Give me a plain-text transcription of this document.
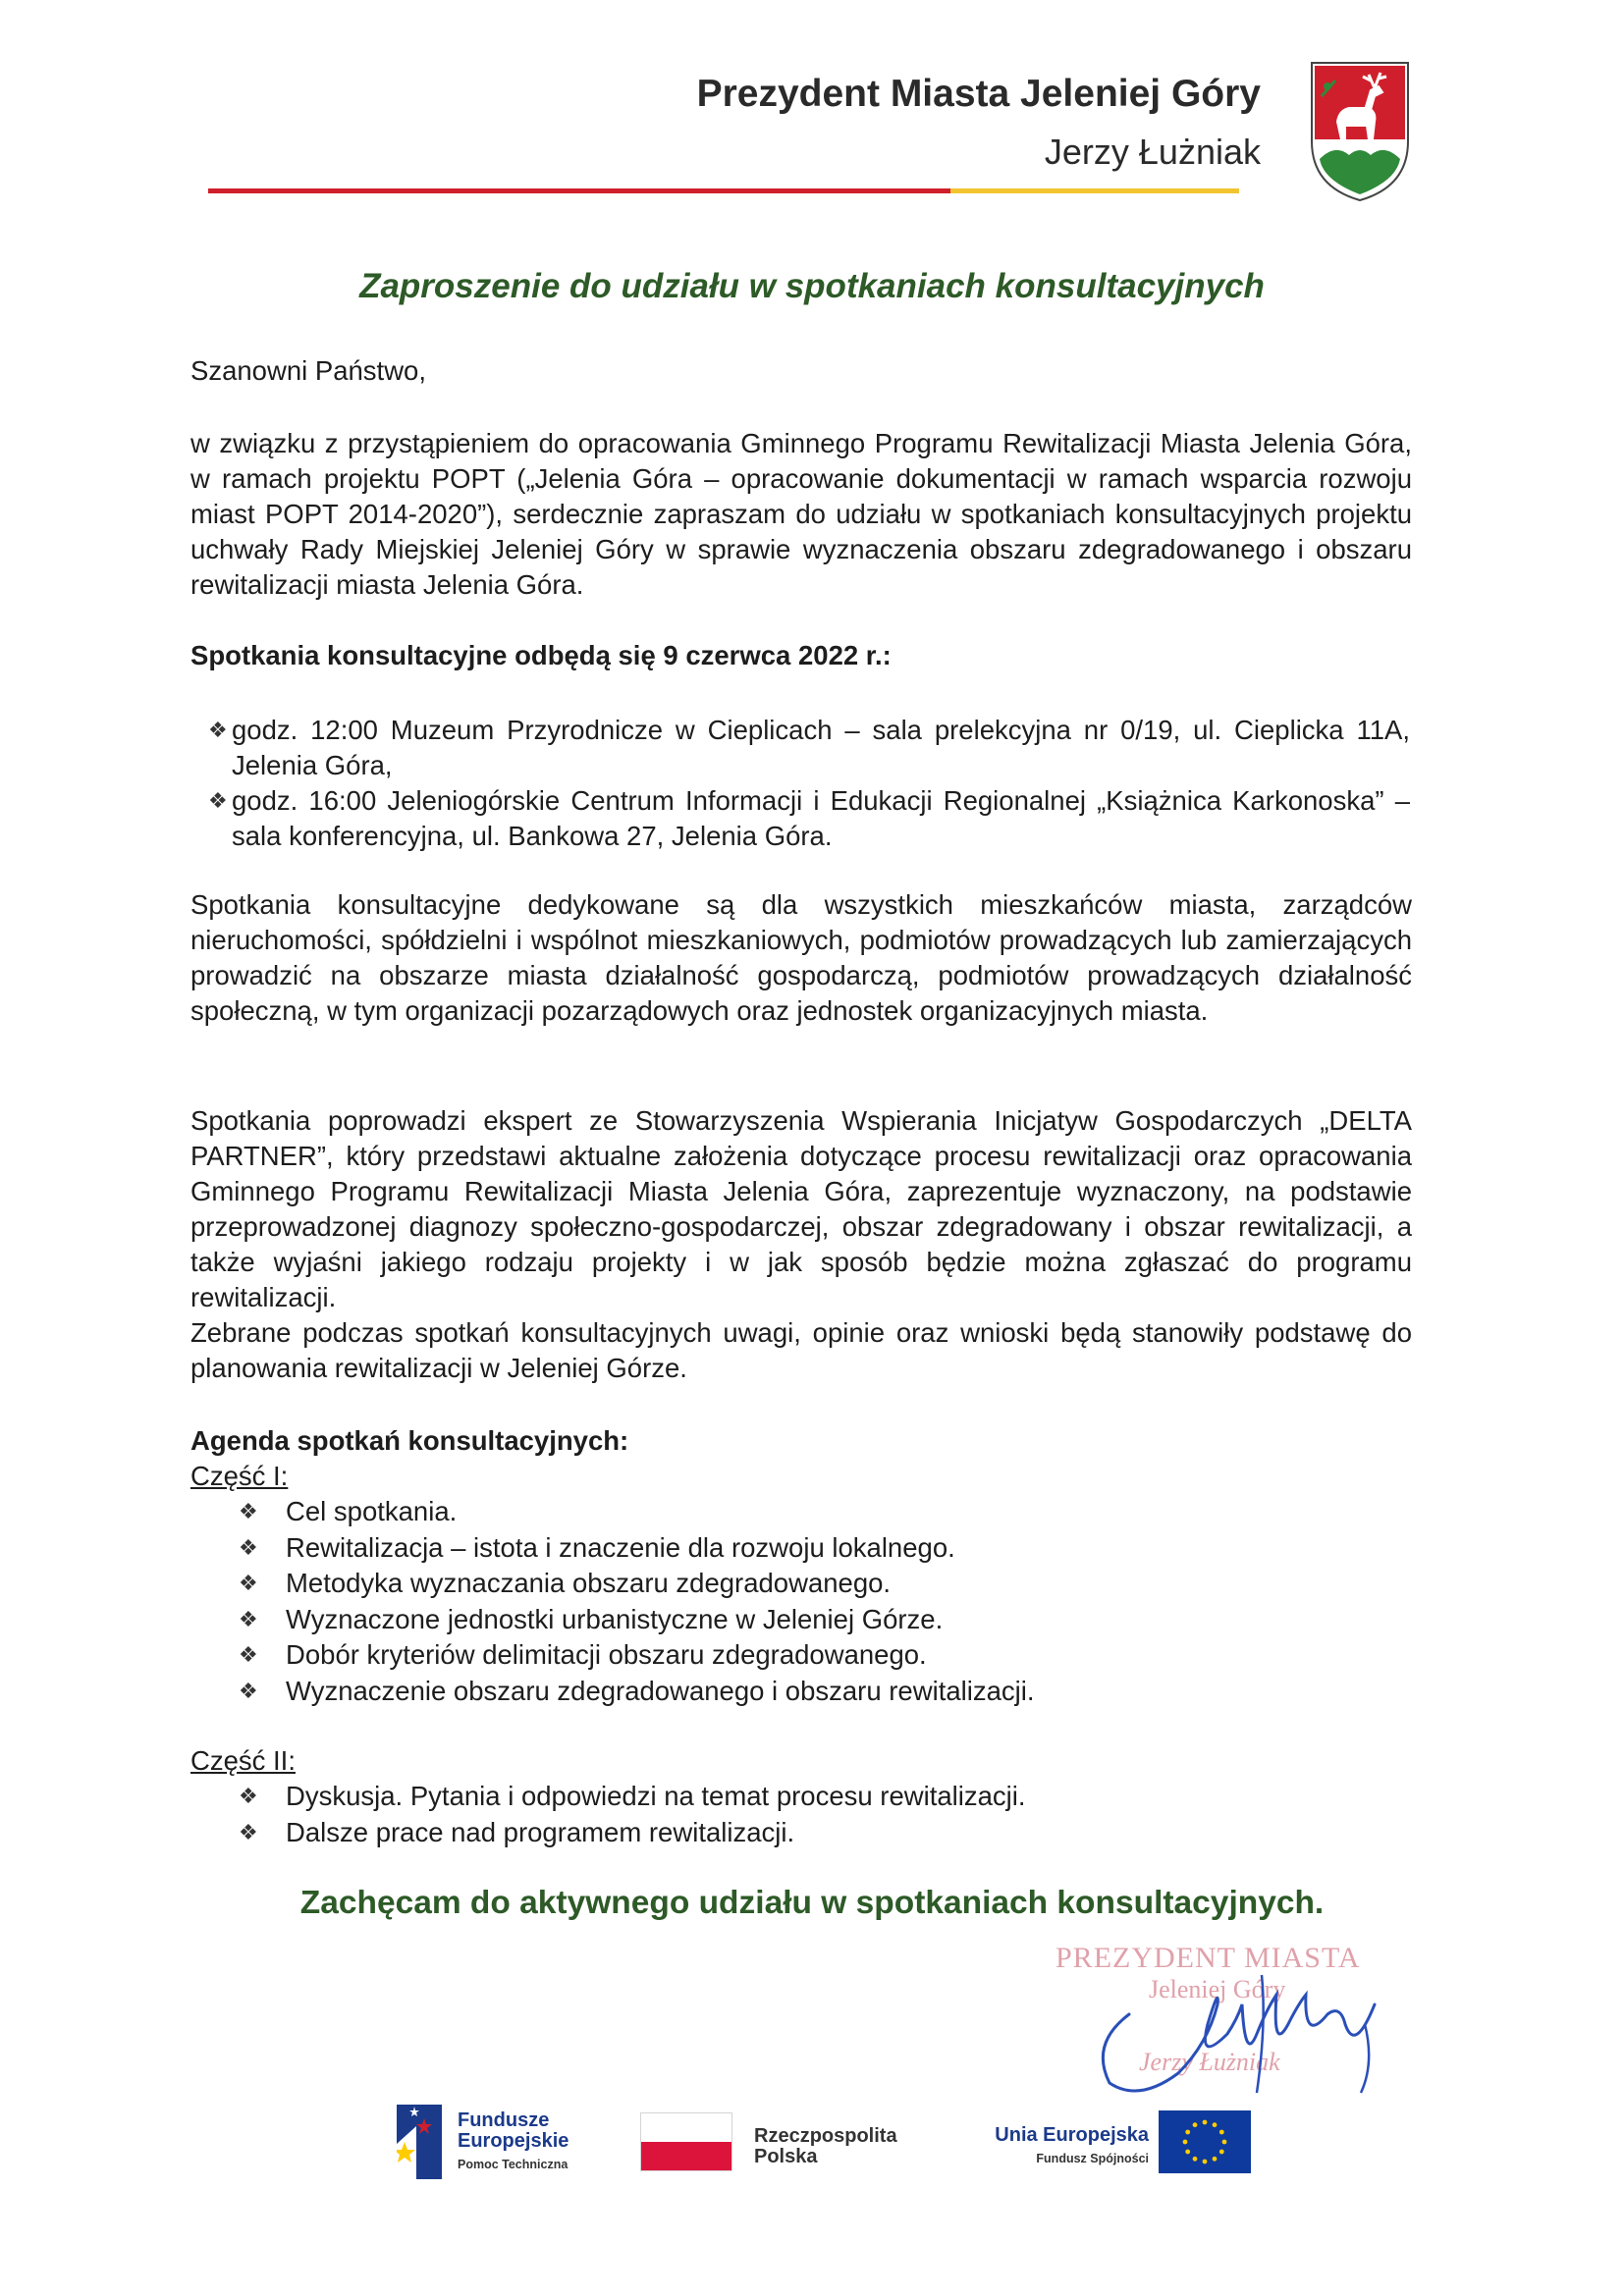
Prezydent Miasta Jeleniej Góry
Jerzy Łużniak
Zaproszenie do udziału w spotkaniach konsultacyjnych
Szanowni Państwo,
w związku z przystąpieniem do opracowania Gminnego Programu Rewitalizacji Miasta Jelenia Góra, w ramach projektu POPT („Jelenia Góra – opracowanie dokumentacji w ramach wsparcia rozwoju miast POPT 2014-2020”), serdecznie zapraszam do udziału w spotkaniach konsultacyjnych projektu uchwały Rady Miejskiej Jeleniej Góry w sprawie wyznaczenia obszaru zdegradowanego i obszaru rewitalizacji miasta Jelenia Góra.
Spotkania konsultacyjne odbędą się 9 czerwca 2022 r.:
❖ godz. 12:00 Muzeum Przyrodnicze w Cieplicach – sala prelekcyjna nr 0/19, ul. Cieplicka 11A, Jelenia Góra,
❖ godz. 16:00 Jeleniogórskie Centrum Informacji i Edukacji Regionalnej „Książnica Karkonoska” – sala konferencyjna, ul. Bankowa 27, Jelenia Góra.
Spotkania konsultacyjne dedykowane są dla wszystkich mieszkańców miasta, zarządców nieruchomości, spółdzielni i wspólnot mieszkaniowych, podmiotów prowadzących lub zamierzających prowadzić na obszarze miasta działalność gospodarczą, podmiotów prowadzących działalność społeczną, w tym organizacji pozarządowych oraz jednostek organizacyjnych miasta.
Spotkania poprowadzi ekspert ze Stowarzyszenia Wspierania Inicjatyw Gospodarczych „DELTA PARTNER”, który przedstawi aktualne założenia dotyczące procesu rewitalizacji oraz opracowania Gminnego Programu Rewitalizacji Miasta Jelenia Góra, zaprezentuje wyznaczony, na podstawie przeprowadzonej diagnozy społeczno-gospodarczej, obszar zdegradowany i obszar rewitalizacji, a także wyjaśni jakiego rodzaju projekty i w jak sposób będzie można zgłaszać do programu rewitalizacji.
Zebrane podczas spotkań konsultacyjnych uwagi, opinie oraz wnioski będą stanowiły podstawę do planowania rewitalizacji w Jeleniej Górze.
Agenda spotkań konsultacyjnych:
Część I:
❖ Cel spotkania.
❖ Rewitalizacja – istota i znaczenie dla rozwoju lokalnego.
❖ Metodyka wyznaczania obszaru zdegradowanego.
❖ Wyznaczone jednostki urbanistyczne w Jeleniej Górze.
❖ Dobór kryteriów delimitacji obszaru zdegradowanego.
❖ Wyznaczenie obszaru zdegradowanego i obszaru rewitalizacji.
Część II:
❖ Dyskusja. Pytania i odpowiedzi na temat procesu rewitalizacji.
❖ Dalsze prace nad programem rewitalizacji.
Zachęcam do aktywnego udziału w spotkaniach konsultacyjnych.
PREZYDENT MIASTA
Jeleniej Góry
Jerzy Łużniak
Fundusze
Europejskie
Pomoc Techniczna
Rzeczpospolita
Polska
Unia Europejska
Fundusz Spójności
